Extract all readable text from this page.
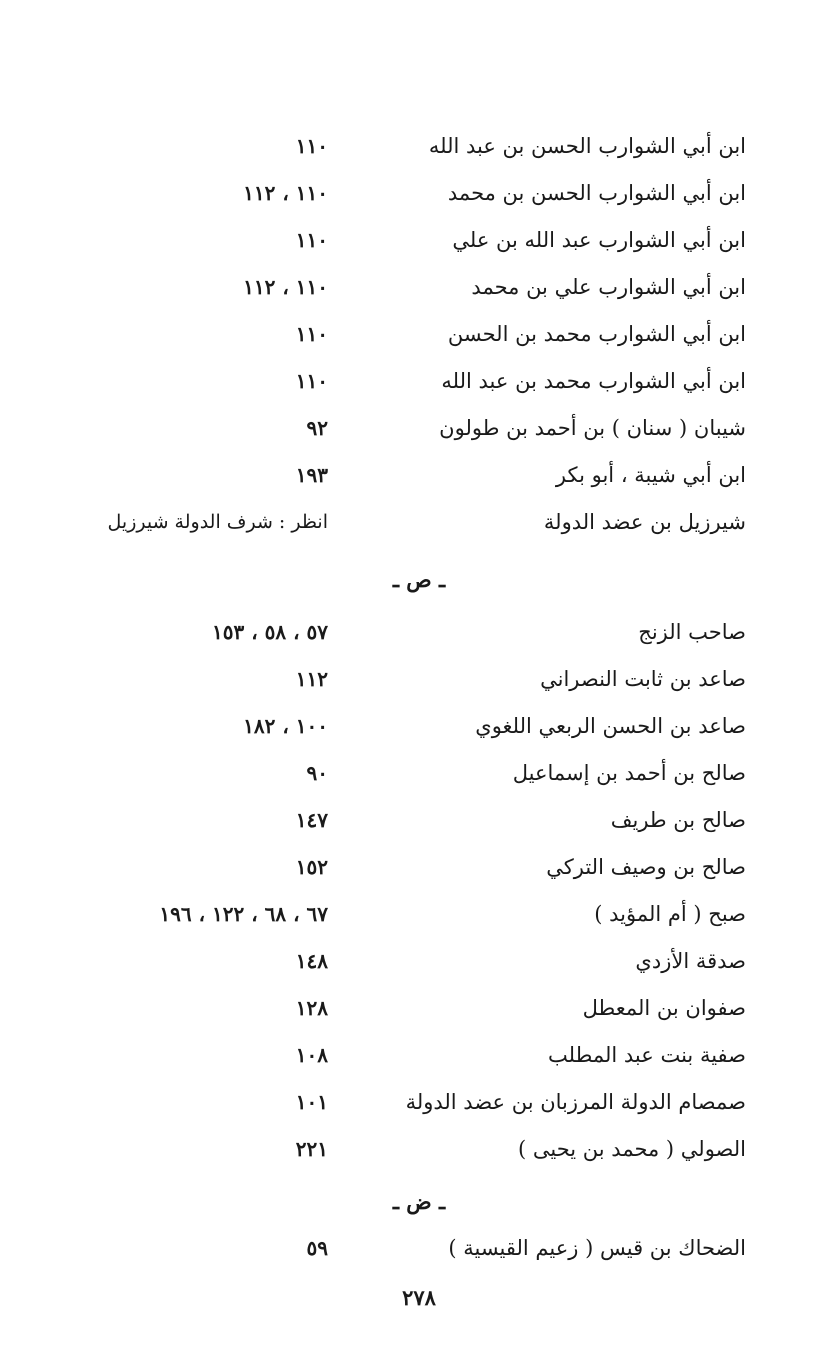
ابن أبي الشوارب الحسن بن عبد الله
١١٠
ابن أبي الشوارب الحسن بن محمد
١١٠ ، ١١٢
ابن أبي الشوارب عبد الله بن علي
١١٠
ابن أبي الشوارب علي بن محمد
١١٠ ، ١١٢
ابن أبي الشوارب محمد بن الحسن
١١٠
ابن أبي الشوارب محمد بن عبد الله
١١٠
شيبان ( سنان ) بن أحمد بن طولون
٩٢
ابن أبي شيبة ، أبو بكر
١٩٣
شيرزيل بن عضد الدولة
انظر : شرف الدولة شيرزيل
ـ ص ـ
صاحب الزنج
٥٧ ، ٥٨ ، ١٥٣
صاعد بن ثابت النصراني
١١٢
صاعد بن الحسن الربعي اللغوي
١٠٠ ، ١٨٢
صالح بن أحمد بن إسماعيل
٩٠
صالح بن طريف
١٤٧
صالح بن وصيف التركي
١٥٢
صبح ( أم المؤيد )
٦٧ ، ٦٨ ، ١٢٢ ، ١٩٦
صدقة الأزدي
١٤٨
صفوان بن المعطل
١٢٨
صفية بنت عبد المطلب
١٠٨
صمصام الدولة المرزبان بن عضد الدولة
١٠١
الصولي ( محمد بن يحيى )
٢٢١
ـ ض ـ
الضحاك بن قيس ( زعيم القيسية )
٥٩
٢٧٨
